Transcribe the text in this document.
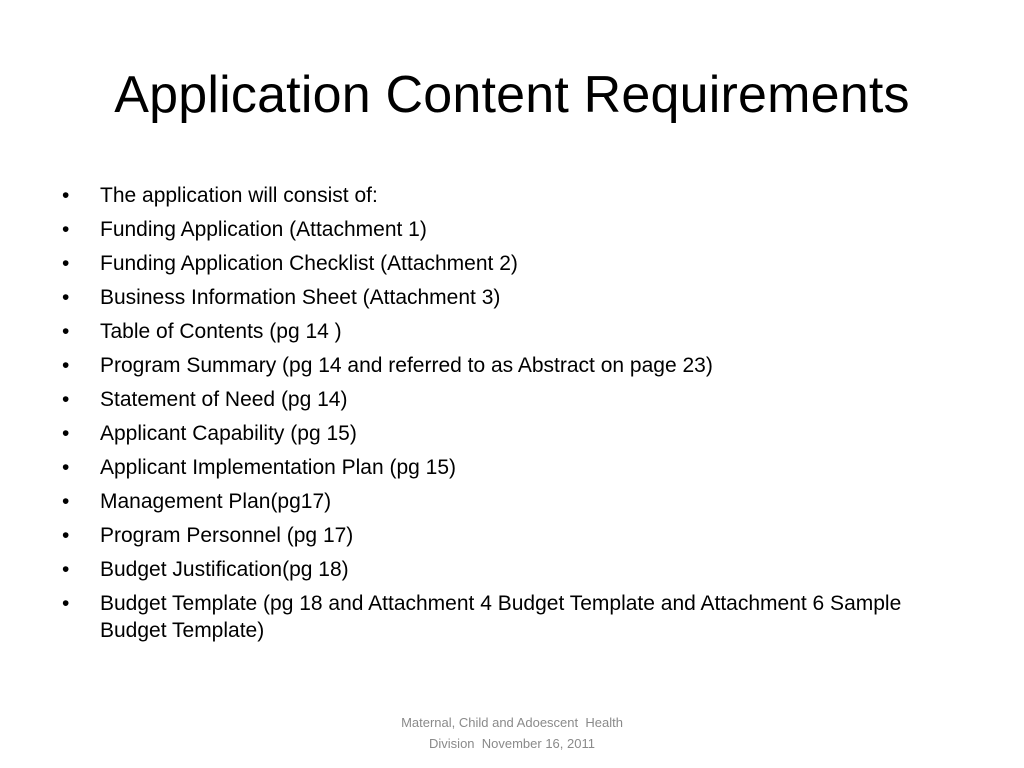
Application Content Requirements
•	The application will consist of:
•	Funding Application (Attachment 1)
•	Funding Application Checklist (Attachment 2)
•	Business Information Sheet (Attachment 3)
•	Table of Contents (pg 14 )
•	Program Summary (pg 14 and referred to as Abstract on page 23)
•	Statement of Need (pg 14)
•	Applicant Capability (pg 15)
•	Applicant Implementation Plan (pg 15)
•	Management Plan(pg17)
•	Program Personnel (pg 17)
•	Budget Justification(pg 18)
•	Budget Template (pg 18 and Attachment 4 Budget Template and Attachment 6 Sample Budget Template)
Maternal, Child and Adoescent  Health
Division  November 16, 2011
